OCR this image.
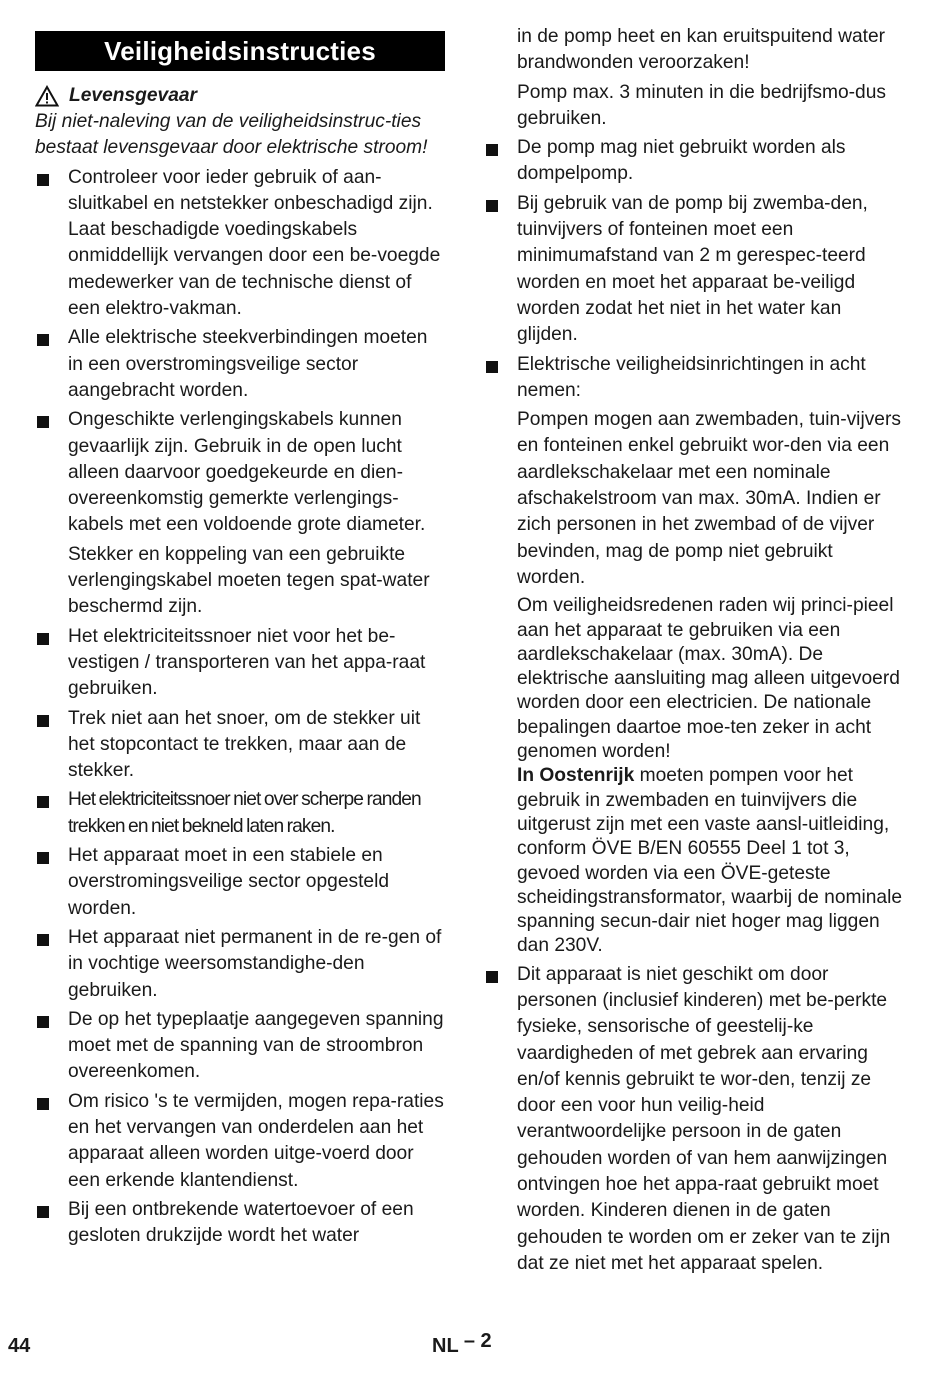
Veiligheidsinstructies
Levensgevaar

Bij niet-naleving van de veiligheidsinstruc-ties bestaat levensgevaar door elektrische stroom!

Controleer voor ieder gebruik of aan-sluitkabel en netstekker onbeschadigd zijn. Laat beschadigde voedingskabels onmiddellijk vervangen door een be-voegde medewerker van de technische dienst of een elektro-vakman.

Alle elektrische steekverbindingen moeten in een overstromingsveilige sector aangebracht worden.

Ongeschikte verlengingskabels kunnen gevaarlijk zijn. Gebruik in de open lucht alleen daarvoor goedgekeurde en dien-overeenkomstig gemerkte verlengings-kabels met een voldoende grote diameter.

Stekker en koppeling van een gebruikte verlengingskabel moeten tegen spat-water beschermd zijn.

Het elektriciteitssnoer niet voor het be-vestigen / transporteren van het appa-raat gebruiken.

Trek niet aan het snoer, om de stekker uit het stopcontact te trekken, maar aan de stekker.

Het elektriciteitssnoer niet over scherpe randen trekken en niet bekneld laten raken.

Het apparaat moet in een stabiele en overstromingsveilige sector opgesteld worden.

Het apparaat niet permanent in de re-gen of in vochtige weersomstandighe-den gebruiken.

De op het typeplaatje aangegeven spanning moet met de spanning van de stroombron overeenkomen.

Om risico 's te vermijden, mogen repa-raties en het vervangen van onderdelen aan het apparaat alleen worden uitge-voerd door een erkende klantendienst.

Bij een ontbrekende watertoevoer of een gesloten drukzijde wordt het water

in de pomp heet en kan eruitspuitend water brandwonden veroorzaken!

Pomp max. 3 minuten in die bedrijfsmo-dus gebruiken.

De pomp mag niet gebruikt worden als dompelpomp.

Bij gebruik van de pomp bij zwemba-den, tuinvijvers of fonteinen moet een minimumafstand van 2 m gerespec-teerd worden en moet het apparaat be-veiligd worden zodat het niet in het water kan glijden.

Elektrische veiligheidsinrichtingen in acht nemen:

Pompen mogen aan zwembaden, tuin-vijvers en fonteinen enkel gebruikt wor-den via een aardlekschakelaar met een nominale afschakelstroom van max. 30mA. Indien er zich personen in het zwembad of de vijver bevinden, mag de pomp niet gebruikt worden.

Om veiligheidsredenen raden wij princi-pieel aan het apparaat te gebruiken via een aardlekschakelaar (max. 30mA). De elektrische aansluiting mag alleen uitgevoerd worden door een electricien. De nationale bepalingen daartoe moe-ten zeker in acht genomen worden!

In Oostenrijk moeten pompen voor het gebruik in zwembaden en tuinvijvers die uitgerust zijn met een vaste aansl-uitleiding, conform ÖVE B/EN 60555 Deel 1 tot 3, gevoed worden via een ÖVE-geteste scheidingstransformator, waarbij de nominale spanning secun-dair niet hoger mag liggen dan 230V.

Dit apparaat is niet geschikt om door personen (inclusief kinderen) met be-perkte fysieke, sensorische of geestelij-ke vaardigheden of met gebrek aan ervaring en/of kennis gebruikt te wor-den, tenzij ze door een voor hun veilig-heid verantwoordelijke persoon in de gaten gehouden worden of van hem aanwijzingen ontvingen hoe het appa-raat gebruikt moet worden. Kinderen dienen in de gaten gehouden te worden om er zeker van te zijn dat ze niet met het apparaat spelen.

44	NL – 2
